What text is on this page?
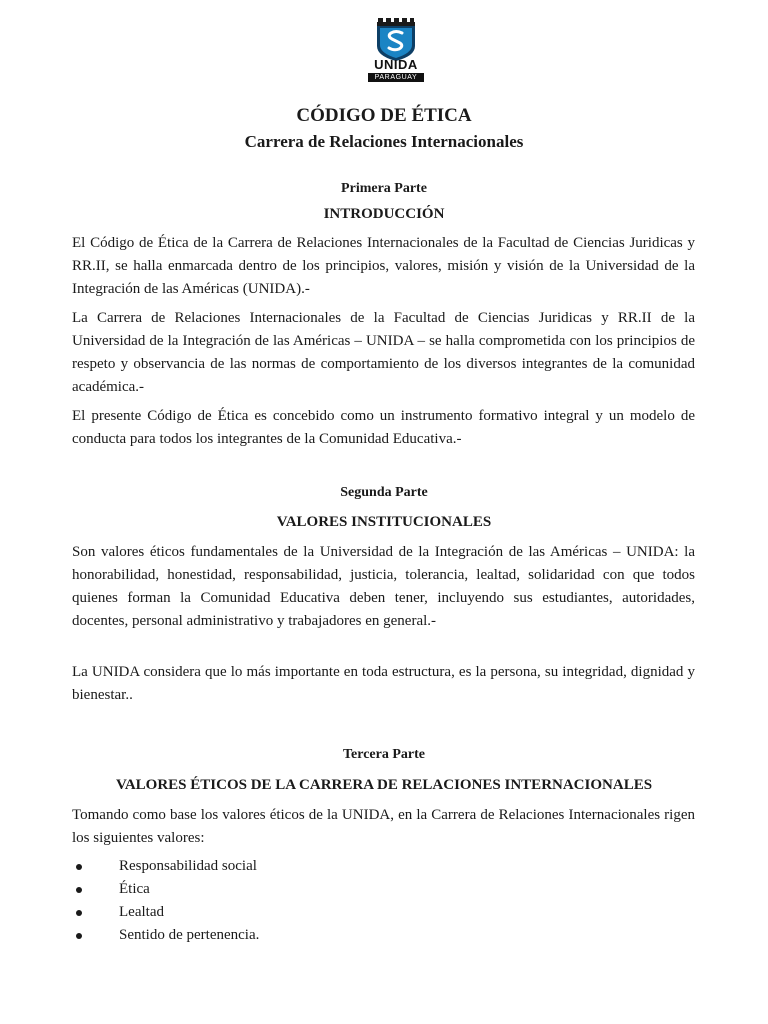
UNIDA
PARAGUAY
CÓDIGO DE ÉTICA
Carrera de Relaciones Internacionales
Primera Parte
INTRODUCCIÓN

El Código de Ética de la Carrera de Relaciones Internacionales de la Facultad de Ciencias Juridicas y RR.II, se halla enmarcada dentro de los principios, valores, misión y visión de la Universidad de la Integración de las Américas (UNIDA).-

La Carrera de Relaciones Internacionales de la Facultad de Ciencias Juridicas y RR.II de la Universidad de la Integración de las Américas – UNIDA – se halla comprometida con los principios de respeto y observancia de las normas de comportamiento de los diversos integrantes de la comunidad académica.-

El presente Código de Ética es concebido como un instrumento formativo integral y un modelo de conducta para todos los integrantes de la Comunidad Educativa.-

Segunda Parte
VALORES INSTITUCIONALES

Son valores éticos fundamentales de la Universidad de la Integración de las Américas – UNIDA: la honorabilidad, honestidad, responsabilidad, justicia, tolerancia, lealtad, solidaridad con que todos quienes forman la Comunidad Educativa deben tener, incluyendo sus estudiantes, autoridades, docentes, personal administrativo y trabajadores en general.-

La UNIDA considera que lo más importante en toda estructura, es la persona, su integridad, dignidad y bienestar..

Tercera Parte
VALORES ÉTICOS DE LA CARRERA DE RELACIONES INTERNACIONALES

Tomando como base los valores éticos de la UNIDA, en la Carrera de Relaciones Internacionales rigen los siguientes valores:

Responsabilidad social
Ética
Lealtad
Sentido de pertenencia.
